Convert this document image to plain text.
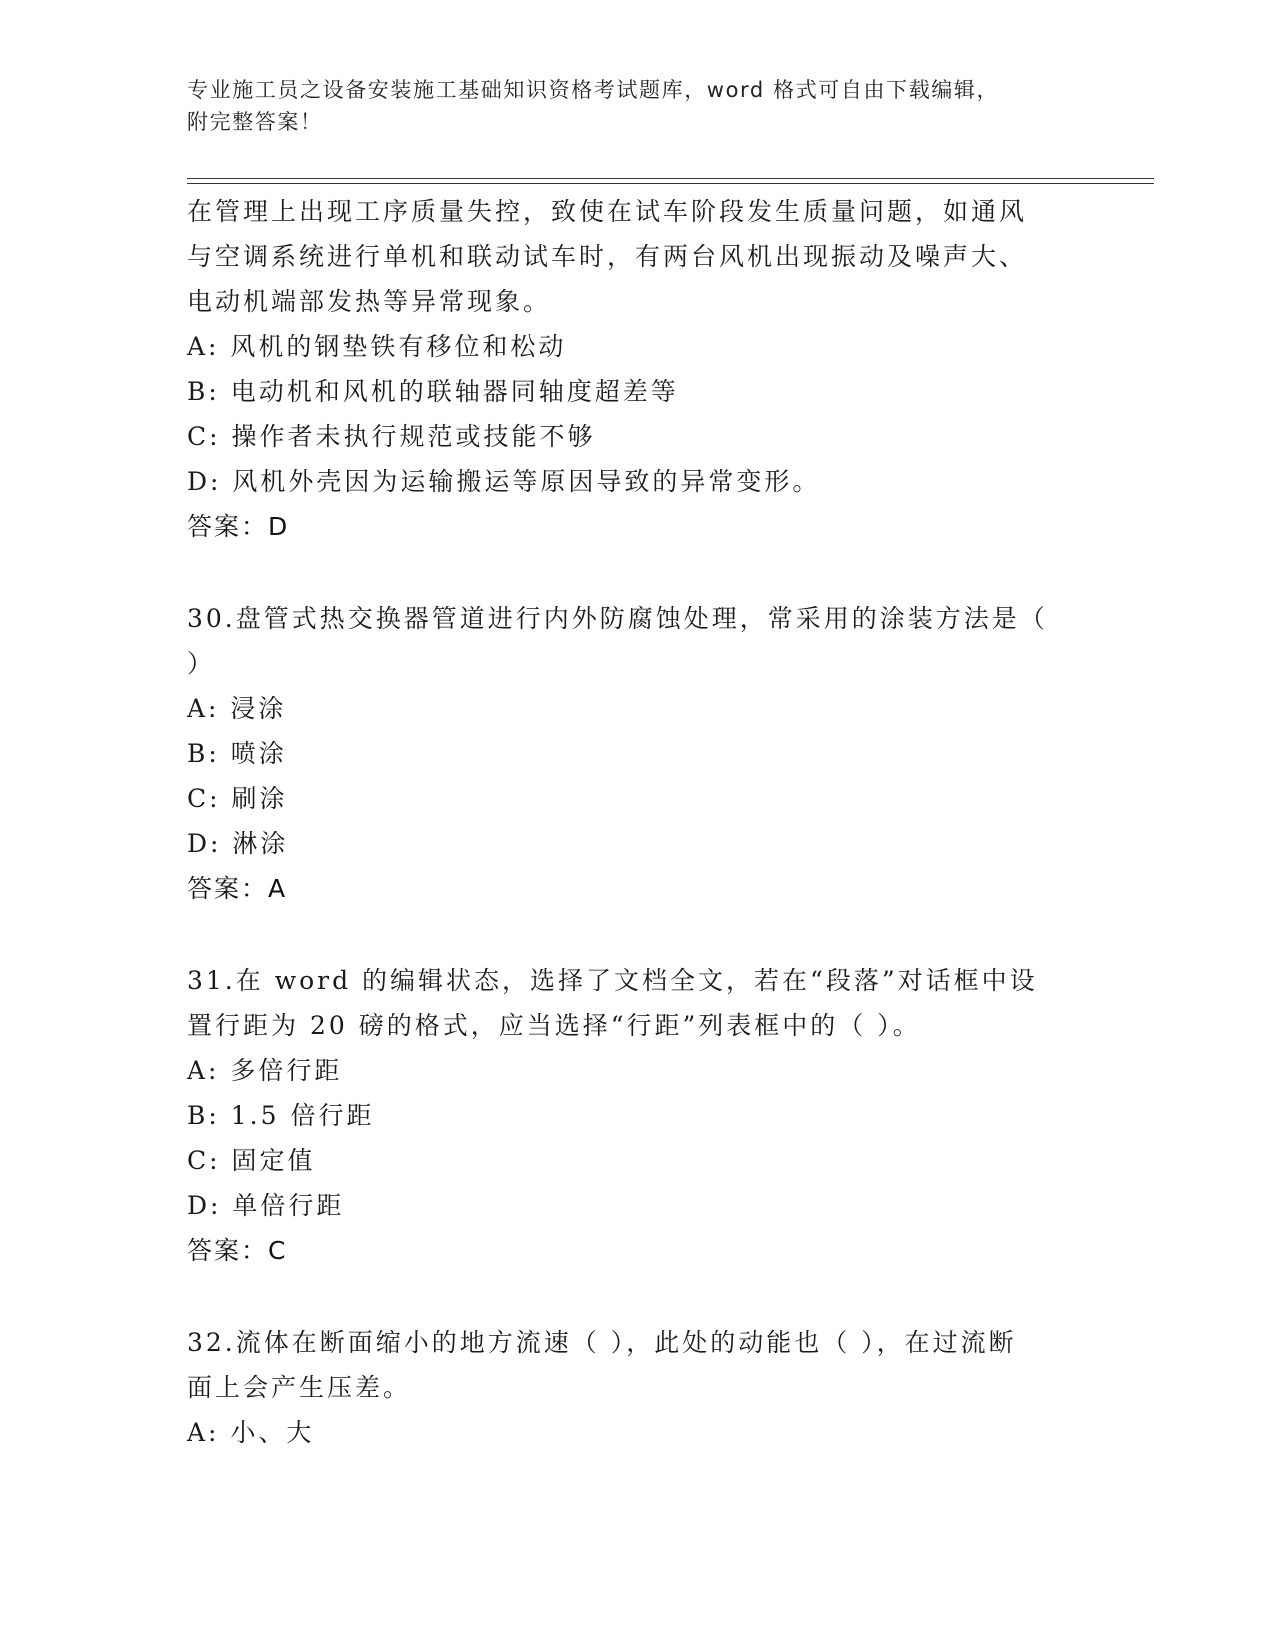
专业施工员之设备安装施工基础知识资格考试题库，word 格式可自由下载编辑，
附完整答案！
在管理上出现工序质量失控，致使在试车阶段发生质量问题，如通风
与空调系统进行单机和联动试车时，有两台风机出现振动及噪声大、
电动机端部发热等异常现象。
A: 风机的钢垫铁有移位和松动
B: 电动机和风机的联轴器同轴度超差等
C: 操作者未执行规范或技能不够
D: 风机外壳因为运输搬运等原因导致的异常变形。
答案：D
30.盘管式热交换器管道进行内外防腐蚀处理，常采用的涂装方法是（
）
A: 浸涂
B: 喷涂
C: 刷涂
D: 淋涂
答案：A
31.在 word 的编辑状态，选择了文档全文，若在“段落”对话框中设
置行距为 20 磅的格式，应当选择“行距”列表框中的（ ）。
A: 多倍行距
B: 1.5 倍行距
C: 固定值
D: 单倍行距
答案：C
32.流体在断面缩小的地方流速（ ），此处的动能也（ ），在过流断
面上会产生压差。
A: 小、大
